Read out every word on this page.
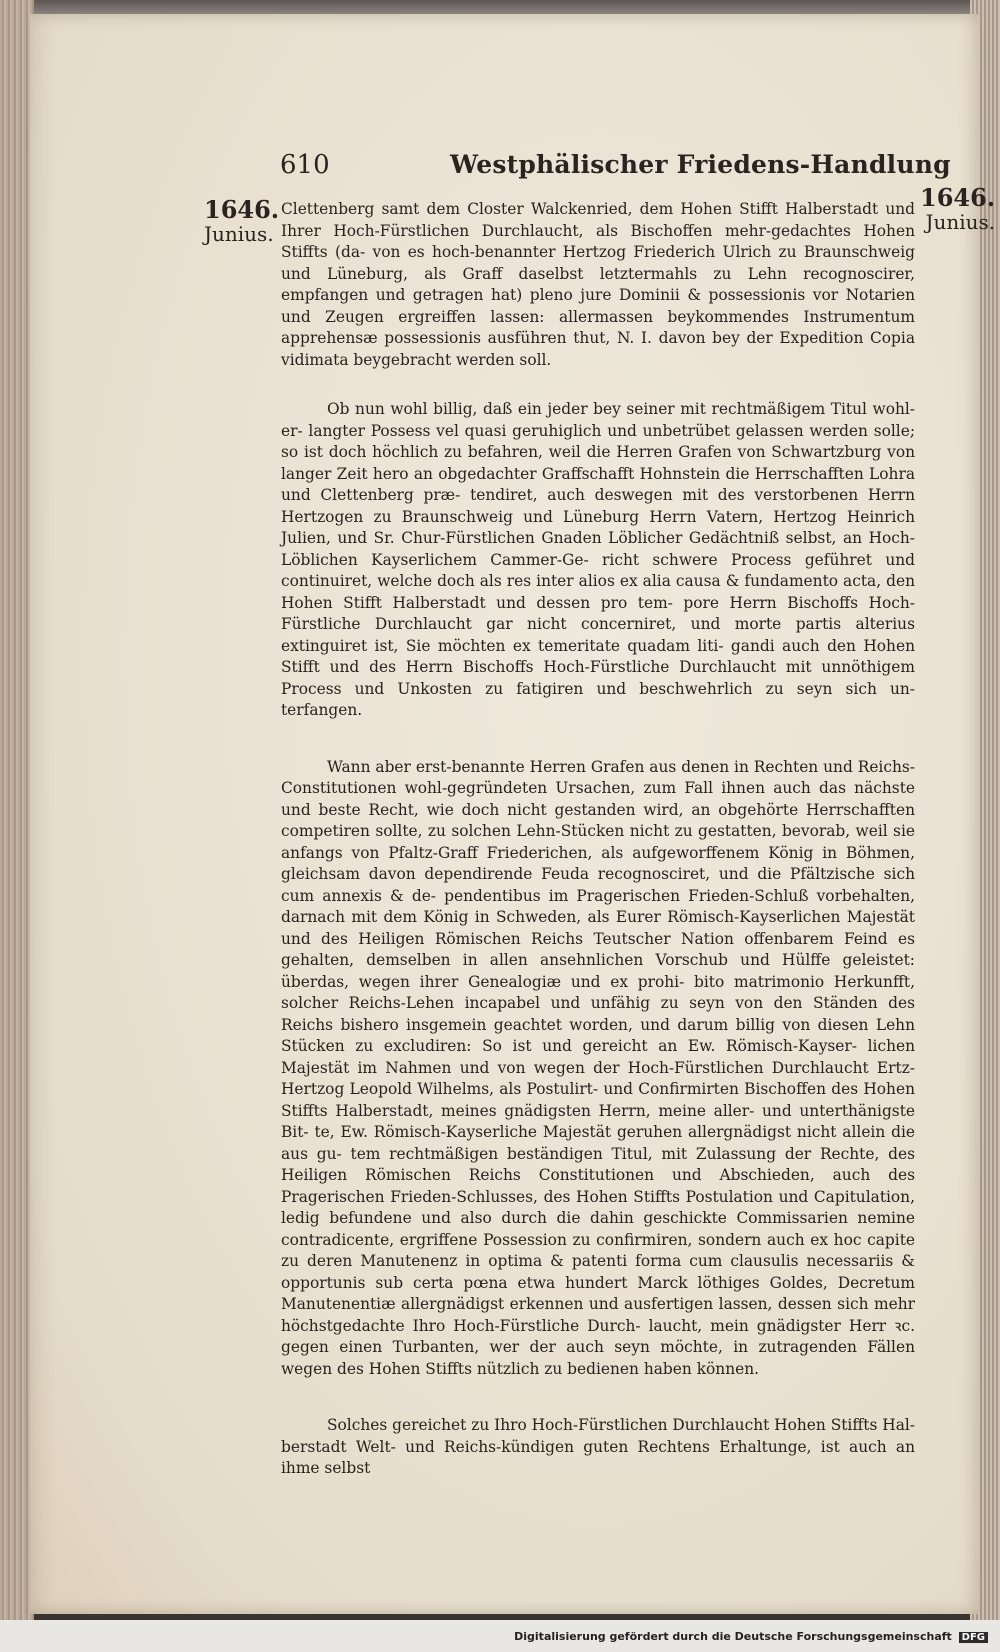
610	Westphälischer Friedens-Handlung
1646.
Junius.
1646.
Junius.

Clettenberg samt dem Closter Walckenried, dem Hohen Stifft Halberstadt und Ihrer Hoch-Fürstlichen Durchlaucht, als Bischoffen mehr-gedachtes Hohen Stiffts (da- von es hoch-benannter Hertzog Friederich Ulrich zu Braunschweig und Lüneburg, als Graff daselbst letztermahls zu Lehn recognoscirer, empfangen und getragen hat) pleno jure Dominii & possessionis vor Notarien und Zeugen ergreiffen lassen: allermassen beykommendes Instrumentum apprehensæ possessionis ausführen thut, N. I. davon bey der Expedition Copia vidimata beygebracht werden soll.

Ob nun wohl billig, daß ein jeder bey seiner mit rechtmäßigem Titul wohl-er- langter Possess vel quasi geruhiglich und unbetrübet gelassen werden solle; so ist doch höchlich zu befahren, weil die Herren Grafen von Schwartzburg von langer Zeit hero an obgedachter Graffschafft Hohnstein die Herrschafften Lohra und Clettenberg præ- tendiret, auch deswegen mit des verstorbenen Herrn Hertzogen zu Braunschweig und Lüneburg Herrn Vatern, Hertzog Heinrich Julien, und Sr. Chur-Fürstlichen Gnaden Löblicher Gedächtniß selbst, an Hoch-Löblichen Kayserlichem Cammer-Ge- richt schwere Process geführet und continuiret, welche doch als res inter alios ex alia causa & fundamento acta, den Hohen Stifft Halberstadt und dessen pro tem- pore Herrn Bischoffs Hoch-Fürstliche Durchlaucht gar nicht concerniret, und morte partis alterius extinguiret ist, Sie möchten ex temeritate quadam liti- gandi auch den Hohen Stifft und des Herrn Bischoffs Hoch-Fürstliche Durchlaucht mit unnöthigem Process und Unkosten zu fatigiren und beschwehrlich zu seyn sich un- terfangen.

Wann aber erst-benannte Herren Grafen aus denen in Rechten und Reichs- Constitutionen wohl-gegründeten Ursachen, zum Fall ihnen auch das nächste und beste Recht, wie doch nicht gestanden wird, an obgehörte Herrschafften competiren sollte, zu solchen Lehn-Stücken nicht zu gestatten, bevorab, weil sie anfangs von Pfaltz-Graff Friederichen, als aufgeworffenem König in Böhmen, gleichsam davon dependirende Feuda recognosciret, und die Pfältzische sich cum annexis & de- pendentibus im Pragerischen Frieden-Schluß vorbehalten, darnach mit dem König in Schweden, als Eurer Römisch-Kayserlichen Majestät und des Heiligen Römischen Reichs Teutscher Nation offenbarem Feind es gehalten, demselben in allen ansehnlichen Vorschub und Hülffe geleistet: überdas, wegen ihrer Genealogiæ und ex prohi- bito matrimonio Herkunfft, solcher Reichs-Lehen incapabel und unfähig zu seyn von den Ständen des Reichs bishero insgemein geachtet worden, und darum billig von diesen Lehn Stücken zu excludiren: So ist und gereicht an Ew. Römisch-Kayser- lichen Majestät im Nahmen und von wegen der Hoch-Fürstlichen Durchlaucht Ertz- Hertzog Leopold Wilhelms, als Postulirt- und Confirmirten Bischoffen des Hohen Stiffts Halberstadt, meines gnädigsten Herrn, meine aller- und unterthänigste Bit- te, Ew. Römisch-Kayserliche Majestät geruhen allergnädigst nicht allein die aus gu- tem rechtmäßigen beständigen Titul, mit Zulassung der Rechte, des Heiligen Römischen Reichs Constitutionen und Abschieden, auch des Pragerischen Frieden-Schlusses, des Hohen Stiffts Postulation und Capitulation, ledig befundene und also durch die dahin geschickte Commissarien nemine contradicente, ergriffene Possession zu confirmiren, sondern auch ex hoc capite zu deren Manutenenz in optima & patenti forma cum clausulis necessariis & opportunis sub certa pœna etwa hundert Marck löthiges Goldes, Decretum Manutenentiæ allergnädigst erkennen und ausfertigen lassen, dessen sich mehr höchstgedachte Ihro Hoch-Fürstliche Durch- laucht, mein gnädigster Herr ꝛc. gegen einen Turbanten, wer der auch seyn möchte, in zutragenden Fällen wegen des Hohen Stiffts nützlich zu bedienen haben können.

Solches gereichet zu Ihro Hoch-Fürstlichen Durchlaucht Hohen Stiffts Hal- berstadt Welt- und Reichs-kündigen guten Rechtens Erhaltunge, ist auch an ihme selbst

Digitalisierung gefördert durch die Deutsche Forschungsgemeinschaft DFG
